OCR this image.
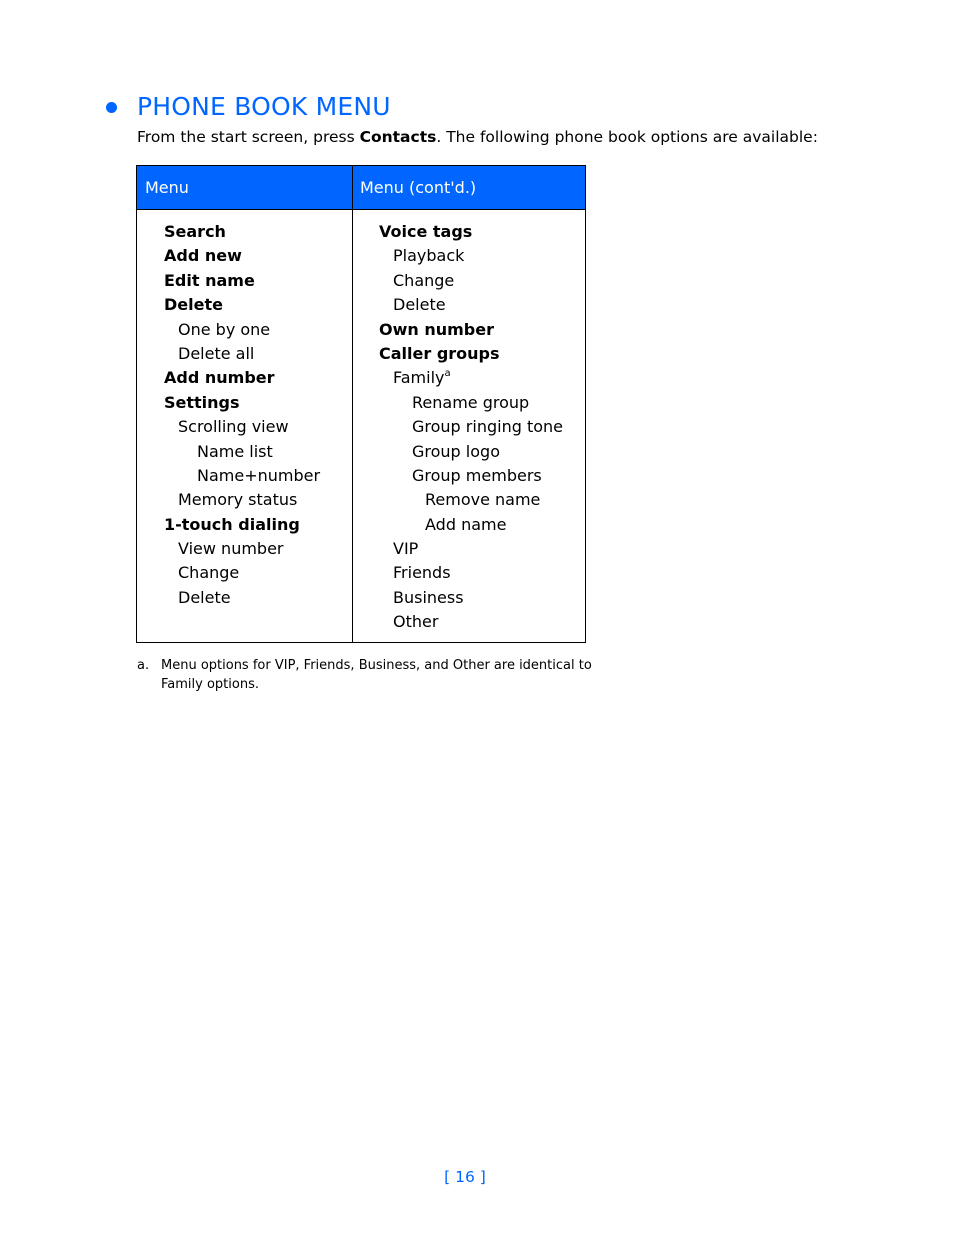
PHONE BOOK MENU
From the start screen, press Contacts. The following phone book options are available:
Menu	Menu (cont'd.)
Search
Add new
Edit name
Delete
One by one
Delete all
Add number
Settings
Scrolling view
Name list
Name+number
Memory status
1-touch dialing
View number
Change
Delete
Voice tags
Playback
Change
Delete
Own number
Caller groups
Family$^a$
Rename group
Group ringing tone
Group logo
Group members
Remove name
Add name
VIP
Friends
Business
Other
a. Menu options for VIP, Friends, Business, and Other are identical to Family options.
[ 16 ]
